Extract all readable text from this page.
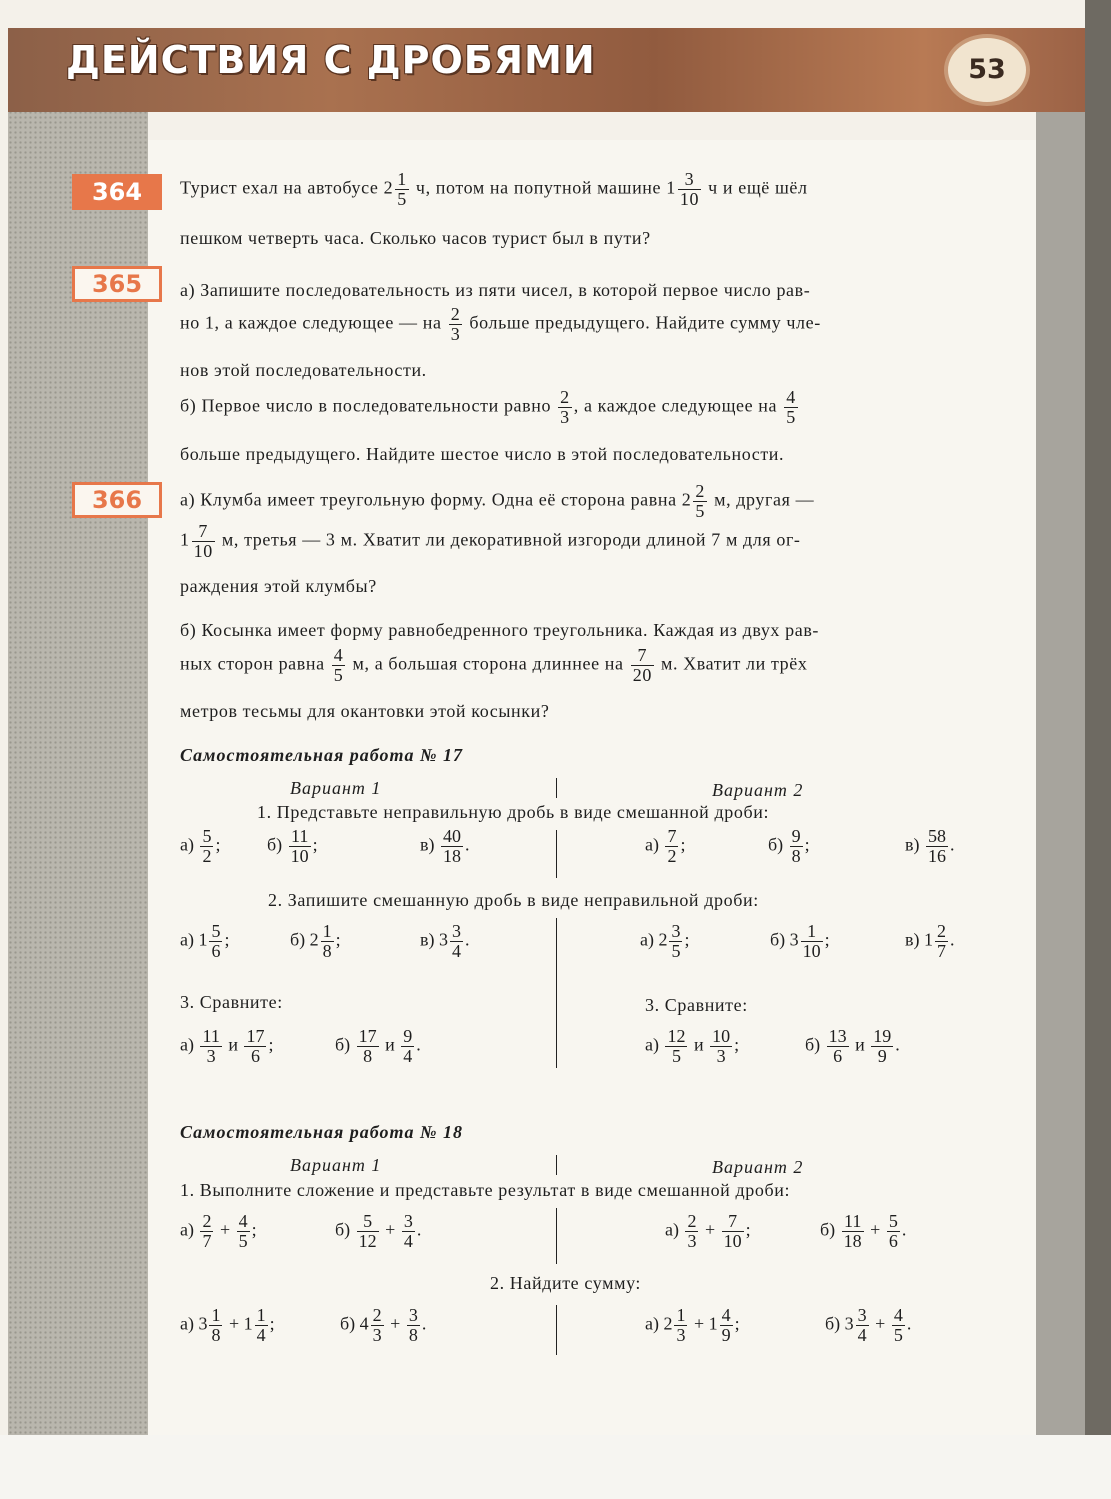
ДЕЙСТВИЯ С ДРОБЯМИ	53
364	Турист ехал на автобусе $2 \frac{1}{5} ч$, потом на попутной машине $1 \frac{3}{10}$ ч и ещё шёл
пешком четверть часа. Сколько часов турист был в пути?
365	а) Запишите последовательность из пяти чисел, в которой первое число рав-
но 1, а каждое следующее — на $\frac{2}{3}$ больше предыдущего. Найдите сумму чле-
нов этой последовательности.
б) Первое число в последовательности равно $\frac{2}{3}$ , а каждое следующее на $\frac{4}{5}$
больше предыдущего. Найдите шестое число в этой последовательности.
366	а) Клумба имеет треугольную форму. Одна её сторона равна $2 \frac{2}{5} м$, другая —
$1 \frac{7}{10} м$, третья — 3 м. Хватит ли декоративной изгороди длиной 7 м для ог-
раждения этой клумбы?
б) Косынка имеет форму равнобедренного треугольника. Каждая из двух рав-
ных сторон равна $\frac{4}{5} м$, а большая сторона длиннее на $\frac{7}{20} м$. Хватит ли трёх
метров тесьмы для окантовки этой косынки?
Самостоятельная работа № 17
Вариант 1	Вариант 2
1. Представьте неправильную дробь в виде смешанной дроби:
2. Запишите смешанную дробь в виде неправильной дроби:
3. Сравните:	3. Сравните:
Самостоятельная работа № 18
Вариант 1	Вариант 2
1. Выполните сложение и представьте результат в виде смешанной дроби:
2. Найдите сумму:
$а) \frac{5}{2}$ ;	$б) \frac{11}{10}$ ;	$в) \frac{40}{18}$ .	$а) \frac{7}{2}$ ;	$б) \frac{9}{8}$ ;	$в) \frac{58}{16}$ .
а) $1 \frac{5}{6}$ ;	б) $2 \frac{1}{8}$ ;	в) $3 \frac{3}{4}$ .	а) $2 \frac{3}{5}$ ;	б) $3 \frac{1}{10}$ ;	в) $1 \frac{2}{7}$ .
$а) \frac{11}{3}$ и $\frac{17}{6}$ ;	$б) \frac{17}{8}$ и $\frac{9}{4}$ .	$а) \frac{12}{5}$ и $\frac{10}{3}$ ;	$б) \frac{13}{6}$ и $\frac{19}{9}$ .
$а) \frac{2}{7} + \frac{4}{5}$ ;	$б) \frac{5}{12} + \frac{3}{4}$ .	$а) \frac{2}{3} + \frac{7}{10}$ ;	$б) \frac{11}{18} + \frac{5}{6}$ .
а) $3 \frac{1}{8} + 1 \frac{1}{4}$ ;	б) $4 \frac{2}{3} + \frac{3}{8}$ .	а) $2 \frac{1}{3} + 1 \frac{4}{9}$ ;	б) $3 \frac{3}{4} + \frac{4}{5}$ .
